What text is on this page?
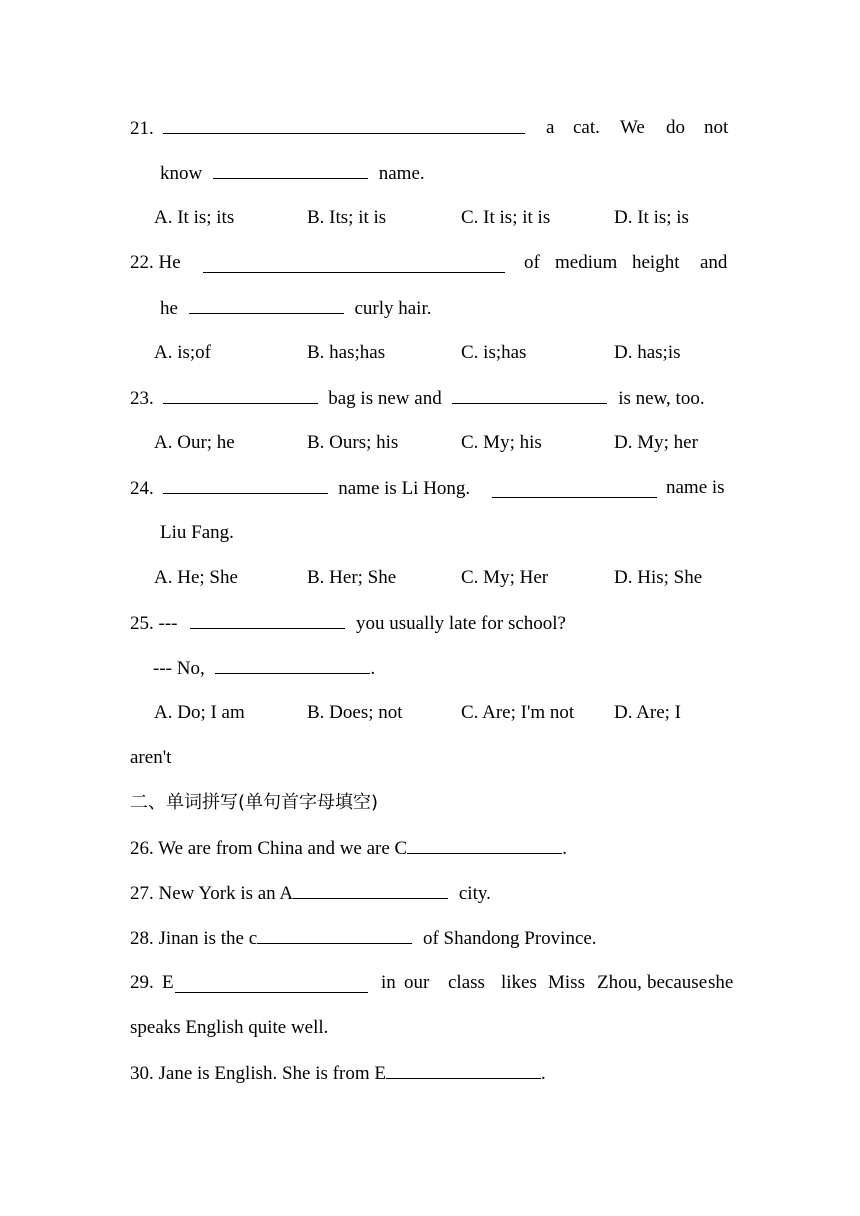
21.	a cat. We do not
know	name.
A. It is; its	B. Its; it is	C. It is; it is	D. It is; is
22. He	of medium height and
he	curly hair.
A. is;of	B. has;has	C. is;has	D. has;is
23.	bag is new and	is new, too.
A. Our; he	B. Ours; his	C. My; his	D. My; her
24.	name is Li Hong.	name is
Liu Fang.
A. He; She	B. Her; She	C. My; Her	D. His; She
25. ---	you usually late for school?
--- No,	.
A. Do; I am	B. Does; not	C. Are; I'm not D. Are; I
aren't
二、单词拼写(单句首字母填空)
26. We are from China and we are C	.
27. New York is an A	city.
28. Jinan is the c	of Shandong Province.
29. E	in our class likes Miss Zhou, because she
speaks English quite well.
30. Jane is English. She is from E	.
